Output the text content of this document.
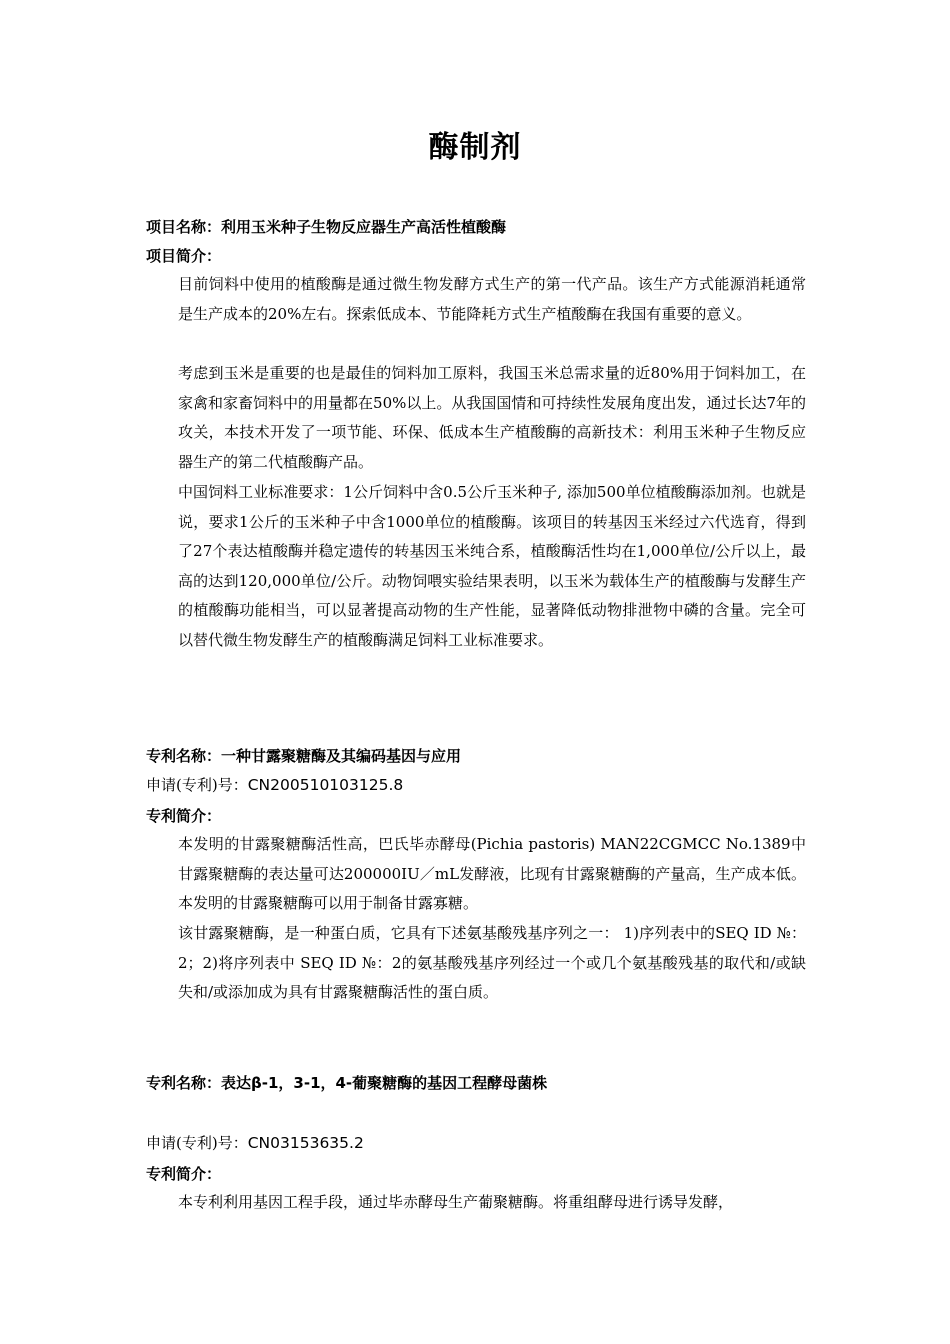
酶制剂
项目名称：利用玉米种子生物反应器生产高活性植酸酶
项目简介：

目前饲料中使用的植酸酶是通过微生物发酵方式生产的第一代产品。该生产方式能源消耗通常是生产成本的20%左右。探索低成本、节能降耗方式生产植酸酶在我国有重要的意义。

考虑到玉米是重要的也是最佳的饲料加工原料，我国玉米总需求量的近80%用于饲料加工，在家禽和家畜饲料中的用量都在50%以上。从我国国情和可持续性发展角度出发，通过长达7年的攻关，本技术开发了一项节能、环保、低成本生产植酸酶的高新技术：利用玉米种子生物反应器生产的第二代植酸酶产品。

中国饲料工业标准要求：1公斤饲料中含0.5公斤玉米种子, 添加500单位植酸酶添加剂。也就是说，要求1公斤的玉米种子中含1000单位的植酸酶。该项目的转基因玉米经过六代选育，得到了27个表达植酸酶并稳定遗传的转基因玉米纯合系，植酸酶活性均在1,000单位/公斤以上，最高的达到120,000单位/公斤。动物饲喂实验结果表明，以玉米为载体生产的植酸酶与发酵生产的植酸酶功能相当，可以显著提高动物的生产性能，显著降低动物排泄物中磷的含量。完全可以替代微生物发酵生产的植酸酶满足饲料工业标准要求。

专利名称：一种甘露聚糖酶及其编码基因与应用
申请(专利)号：CN200510103125.8
专利简介：

本发明的甘露聚糖酶活性高，巴氏毕赤酵母(Pichia pastoris) MAN22CGMCC No.1389中甘露聚糖酶的表达量可达200000IU／mL发酵液，比现有甘露聚糖酶的产量高，生产成本低。本发明的甘露聚糖酶可以用于制备甘露寡糖。

该甘露聚糖酶，是一种蛋白质，它具有下述氨基酸残基序列之一： 1)序列表中的SEQ ID №：2；2)将序列表中 SEQ ID №：2的氨基酸残基序列经过一个或几个氨基酸残基的取代和/或缺失和/或添加成为具有甘露聚糖酶活性的蛋白质。

专利名称：表达β-1，3-1，4-葡聚糖酶的基因工程酵母菌株
申请(专利)号：CN03153635.2
专利简介：

本专利利用基因工程手段，通过毕赤酵母生产葡聚糖酶。将重组酵母进行诱导发酵，
